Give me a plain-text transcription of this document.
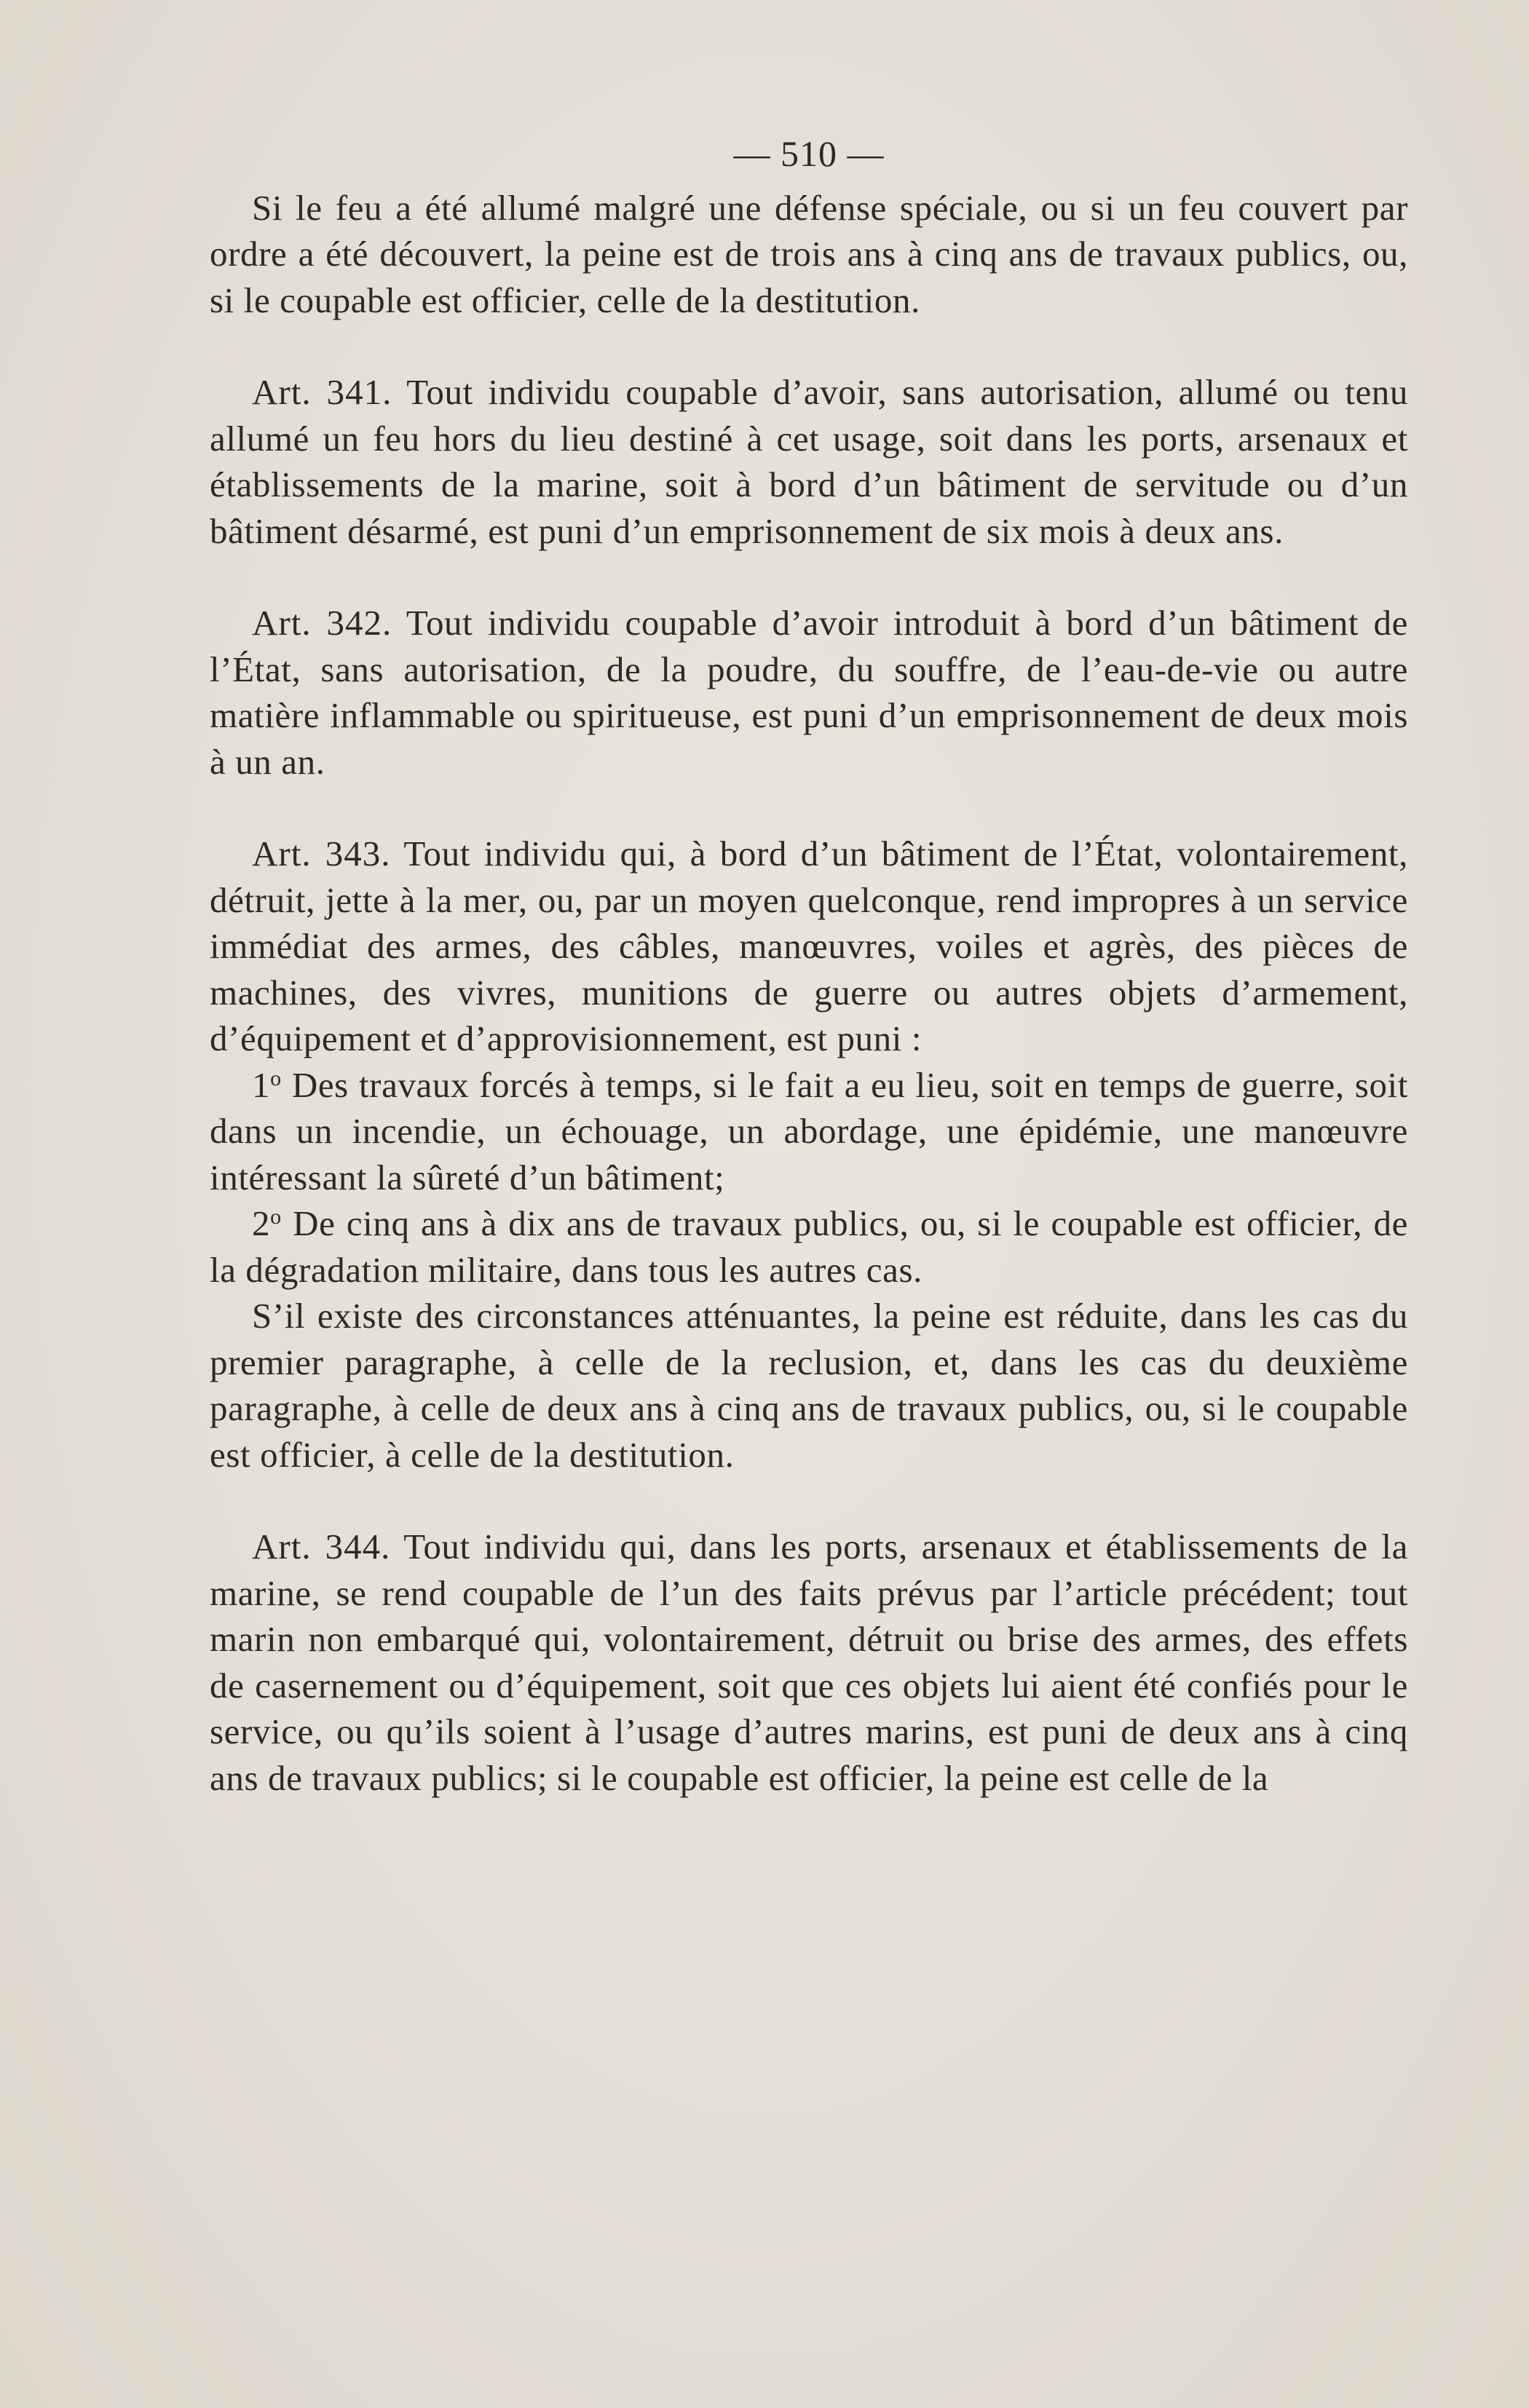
— 510 —

Si le feu a été allumé malgré une défense spéciale, ou si un feu couvert par ordre a été découvert, la peine est de trois ans à cinq ans de travaux publics, ou, si le coupable est officier, celle de la destitution.

Art. 341. Tout individu coupable d’avoir, sans autorisation, allumé ou tenu allumé un feu hors du lieu destiné à cet usage, soit dans les ports, arsenaux et établissements de la marine, soit à bord d’un bâtiment de servitude ou d’un bâtiment désarmé, est puni d’un emprisonnement de six mois à deux ans.

Art. 342. Tout individu coupable d’avoir introduit à bord d’un bâtiment de l’État, sans autorisation, de la poudre, du souffre, de l’eau-de-vie ou autre matière inflammable ou spiritueuse, est puni d’un emprisonnement de deux mois à un an.

Art. 343. Tout individu qui, à bord d’un bâtiment de l’État, volontairement, détruit, jette à la mer, ou, par un moyen quelconque, rend impropres à un service immédiat des armes, des câbles, manœuvres, voiles et agrès, des pièces de machines, des vivres, munitions de guerre ou autres objets d’armement, d’équipement et d’approvisionnement, est puni :

1$^o$ Des travaux forcés à temps, si le fait a eu lieu, soit en temps de guerre, soit dans un incendie, un échouage, un abordage, une épidémie, une manœuvre intéressant la sûreté d’un bâtiment;

2$^o$ De cinq ans à dix ans de travaux publics, ou, si le coupable est officier, de la dégradation militaire, dans tous les autres cas.

S’il existe des circonstances atténuantes, la peine est réduite, dans les cas du premier paragraphe, à celle de la reclusion, et, dans les cas du deuxième paragraphe, à celle de deux ans à cinq ans de travaux publics, ou, si le coupable est officier, à celle de la destitution.

Art. 344. Tout individu qui, dans les ports, arsenaux et établissements de la marine, se rend coupable de l’un des faits prévus par l’article précédent; tout marin non embarqué qui, volontairement, détruit ou brise des armes, des effets de casernement ou d’équipement, soit que ces objets lui aient été confiés pour le service, ou qu’ils soient à l’usage d’autres marins, est puni de deux ans à cinq ans de travaux publics; si le coupable est officier, la peine est celle de la
